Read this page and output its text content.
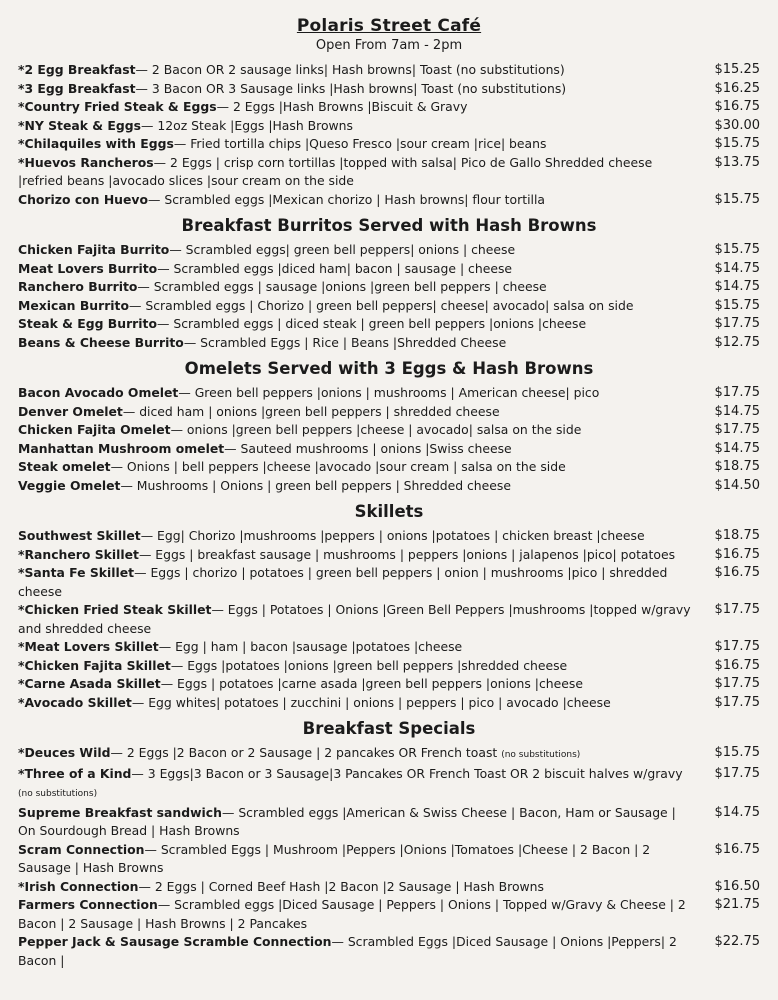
Polaris Street Café
Open From 7am - 2pm
*2 Egg Breakfast— 2 Bacon OR 2 sausage links| Hash browns| Toast (no substitutions)	$15.25
*3 Egg Breakfast— 3 Bacon OR 3 Sausage links |Hash browns| Toast (no substitutions)	$16.25
*Country Fried Steak & Eggs— 2 Eggs |Hash Browns |Biscuit & Gravy	$16.75
*NY Steak & Eggs— 12oz Steak |Eggs |Hash Browns	$30.00
*Chilaquiles with Eggs— Fried tortilla chips |Queso Fresco |sour cream |rice| beans	$15.75
*Huevos Rancheros— 2 Eggs | crisp corn tortillas |topped with salsa| Pico de Gallo Shredded cheese |refried beans |avocado slices |sour cream on the side
$13.75
Chorizo con Huevo— Scrambled eggs |Mexican chorizo | Hash browns| flour tortilla	$15.75
Breakfast Burritos Served with Hash Browns
Chicken Fajita Burrito— Scrambled eggs| green bell peppers| onions | cheese	$15.75
Meat Lovers Burrito— Scrambled eggs |diced ham| bacon | sausage | cheese	$14.75
Ranchero Burrito— Scrambled eggs | sausage |onions |green bell peppers | cheese	$14.75
Mexican Burrito— Scrambled eggs | Chorizo | green bell peppers| cheese| avocado| salsa on side	$15.75
Steak & Egg Burrito— Scrambled eggs | diced steak | green bell peppers |onions |cheese	$17.75
Beans & Cheese Burrito— Scrambled Eggs | Rice | Beans |Shredded Cheese	$12.75
Omelets Served with 3 Eggs & Hash Browns
Bacon Avocado Omelet— Green bell peppers |onions | mushrooms | American cheese| pico	$17.75
Denver Omelet— diced ham | onions |green bell peppers | shredded cheese	$14.75
Chicken Fajita Omelet— onions |green bell peppers |cheese | avocado| salsa on the side	$17.75
Manhattan Mushroom omelet— Sauteed mushrooms | onions |Swiss cheese	$14.75
Steak omelet— Onions | bell peppers |cheese |avocado |sour cream | salsa on the side	$18.75
Veggie Omelet— Mushrooms | Onions | green bell peppers | Shredded cheese	$14.50
Skillets
Southwest Skillet— Egg| Chorizo |mushrooms |peppers | onions |potatoes | chicken breast |cheese	$18.75
*Ranchero Skillet— Eggs | breakfast sausage | mushrooms | peppers |onions | jalapenos |pico| potatoes	$16.75
*Santa Fe Skillet— Eggs | chorizo | potatoes | green bell peppers | onion | mushrooms |pico | shredded cheese
$16.75
*Chicken Fried Steak Skillet— Eggs | Potatoes | Onions |Green Bell Peppers |mushrooms |topped w/gravy and shredded cheese
$17.75
*Meat Lovers Skillet— Egg | ham | bacon |sausage |potatoes |cheese	$17.75
*Chicken Fajita Skillet— Eggs |potatoes |onions |green bell peppers |shredded cheese	$16.75
*Carne Asada Skillet— Eggs | potatoes |carne asada |green bell peppers |onions |cheese	$17.75
*Avocado Skillet— Egg whites| potatoes | zucchini | onions | peppers | pico | avocado |cheese	$17.75
Breakfast Specials
*Deuces Wild— 2 Eggs |2 Bacon or 2 Sausage | 2 pancakes OR French toast (no substitutions)	$15.75
*Three of a Kind— 3 Eggs|3 Bacon or 3 Sausage|3 Pancakes OR French Toast OR 2 biscuit halves w/gravy (no substitutions)
$17.75
Supreme Breakfast sandwich— Scrambled eggs |American & Swiss Cheese | Bacon, Ham or Sausage | On Sourdough Bread | Hash Browns
$14.75
Scram Connection— Scrambled Eggs | Mushroom |Peppers |Onions |Tomatoes |Cheese | 2 Bacon | 2 Sausage | Hash Browns
$16.75
*Irish Connection— 2 Eggs | Corned Beef Hash |2 Bacon |2 Sausage | Hash Browns	$16.50
Farmers Connection— Scrambled eggs |Diced Sausage | Peppers | Onions | Topped w/Gravy & Cheese | 2 Bacon | 2 Sausage | Hash Browns | 2 Pancakes
$21.75
Pepper Jack & Sausage Scramble Connection— Scrambled Eggs |Diced Sausage | Onions |Peppers| 2 Bacon |
$22.75
